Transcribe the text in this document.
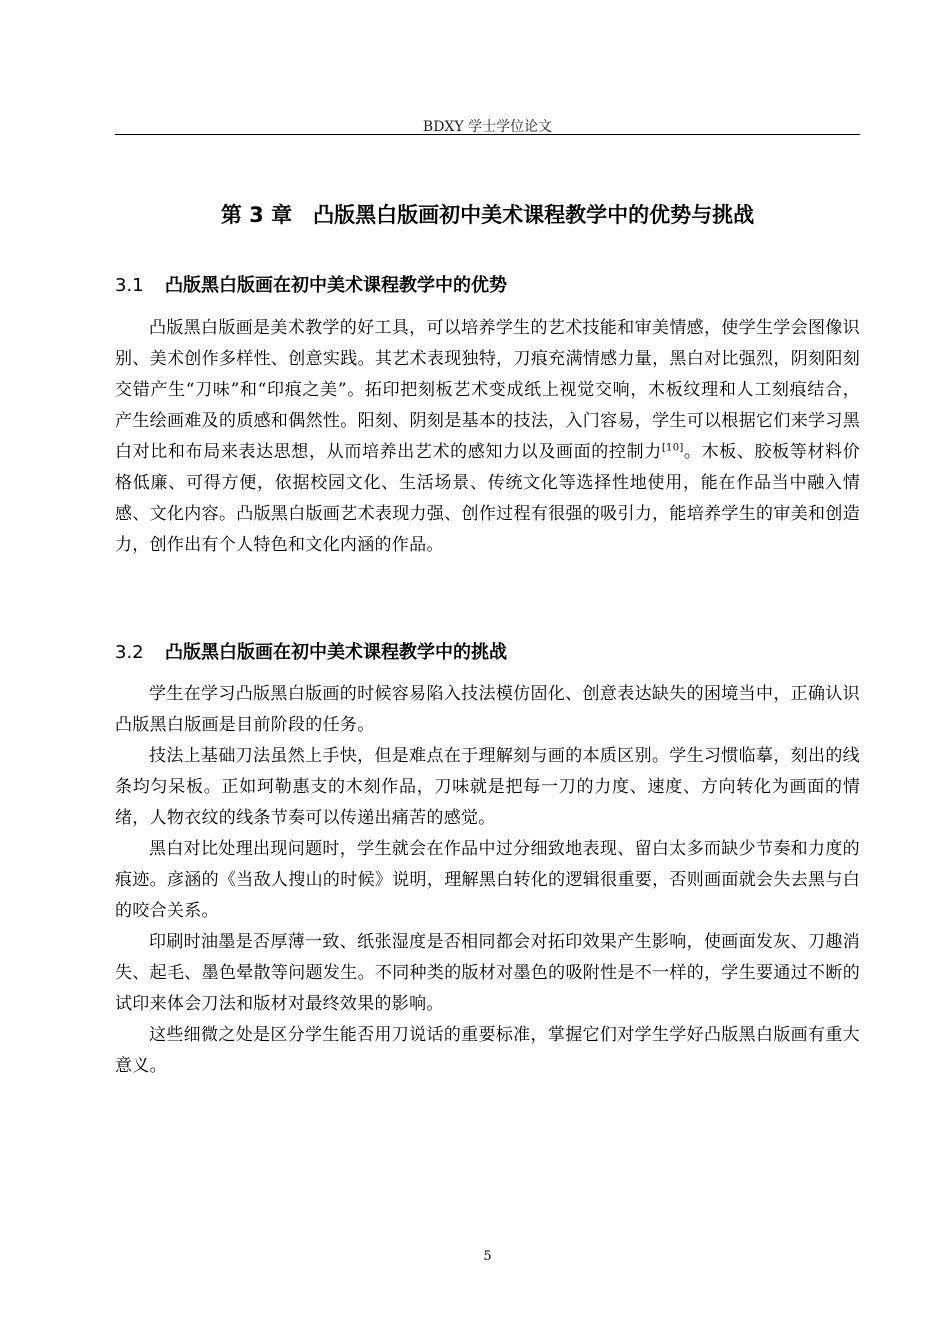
BDXY 学士学位论文
第 3 章　凸版黑白版画初中美术课程教学中的优势与挑战
3.1 凸版黑白版画在初中美术课程教学中的优势

凸版黑白版画是美术教学的好工具，可以培养学生的艺术技能和审美情感，使学生学会图像识别、美术创作多样性、创意实践。其艺术表现独特，刀痕充满情感力量，黑白对比强烈，阴刻阳刻交错产生“刀味”和“印痕之美”。拓印把刻板艺术变成纸上视觉交响，木板纹理和人工刻痕结合，产生绘画难及的质感和偶然性。阳刻、阴刻是基本的技法，入门容易，学生可以根据它们来学习黑白对比和布局来表达思想，从而培养出艺术的感知力以及画面的控制力[10]。木板、胶板等材料价格低廉、可得方便，依据校园文化、生活场景、传统文化等选择性地使用，能在作品当中融入情感、文化内容。凸版黑白版画艺术表现力强、创作过程有很强的吸引力，能培养学生的审美和创造力，创作出有个人特色和文化内涵的作品。

3.2 凸版黑白版画在初中美术课程教学中的挑战

学生在学习凸版黑白版画的时候容易陷入技法模仿固化、创意表达缺失的困境当中，正确认识凸版黑白版画是目前阶段的任务。

技法上基础刀法虽然上手快，但是难点在于理解刻与画的本质区别。学生习惯临摹，刻出的线条均匀呆板。正如珂勒惠支的木刻作品，刀味就是把每一刀的力度、速度、方向转化为画面的情绪，人物衣纹的线条节奏可以传递出痛苦的感觉。

黑白对比处理出现问题时，学生就会在作品中过分细致地表现、留白太多而缺少节奏和力度的痕迹。彦涵的《当敌人搜山的时候》说明，理解黑白转化的逻辑很重要，否则画面就会失去黑与白的咬合关系。

印刷时油墨是否厚薄一致、纸张湿度是否相同都会对拓印效果产生影响，使画面发灰、刀趣消失、起毛、墨色晕散等问题发生。不同种类的版材对墨色的吸附性是不一样的，学生要通过不断的试印来体会刀法和版材对最终效果的影响。

这些细微之处是区分学生能否用刀说话的重要标准，掌握它们对学生学好凸版黑白版画有重大意义。

5
